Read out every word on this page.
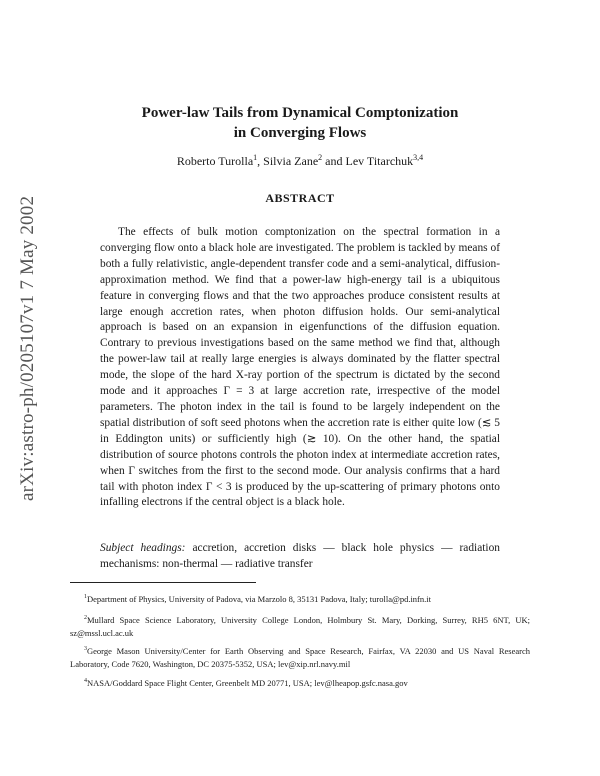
arXiv:astro-ph/0205107v1 7 May 2002
Power-law Tails from Dynamical Comptonization
in Converging Flows
Roberto Turolla$^1$, Silvia Zane$^2$ and Lev Titarchuk$^{3,4}$
ABSTRACT

The effects of bulk motion comptonization on the spectral formation in a converging flow onto a black hole are investigated. The problem is tackled by means of both a fully relativistic, angle-dependent transfer code and a semi-analytical, diffusion-approximation method. We find that a power-law high-energy tail is a ubiquitous feature in converging flows and that the two approaches produce consistent results at large enough accretion rates, when photon diffusion holds. Our semi-analytical approach is based on an expansion in eigenfunctions of the diffusion equation. Contrary to previous investigations based on the same method we find that, although the power-law tail at really large energies is always dominated by the flatter spectral mode, the slope of the hard X-ray portion of the spectrum is dictated by the second mode and it approaches Γ = 3 at large accretion rate, irrespective of the model parameters. The photon index in the tail is found to be largely independent on the spatial distribution of soft seed photons when the accretion rate is either quite low (≲ 5 in Eddington units) or sufficiently high (≳ 10). On the other hand, the spatial distribution of source photons controls the photon index at intermediate accretion rates, when Γ switches from the first to the second mode. Our analysis confirms that a hard tail with photon index Γ < 3 is produced by the up-scattering of primary photons onto infalling electrons if the central object is a black hole.

Subject headings: accretion, accretion disks — black hole physics — radiation mechanisms: non-thermal — radiative transfer

$^1$Department of Physics, University of Padova, via Marzolo 8, 35131 Padova, Italy; turolla@pd.infn.it

$^2$Mullard Space Science Laboratory, University College London, Holmbury St. Mary, Dorking, Surrey, RH5 6NT, UK; sz@mssl.ucl.ac.uk

$^3$George Mason University/Center for Earth Observing and Space Research, Fairfax, VA 22030 and US Naval Research Laboratory, Code 7620, Washington, DC 20375-5352, USA; lev@xip.nrl.navy.mil

$^4$NASA/Goddard Space Flight Center, Greenbelt MD 20771, USA; lev@lheapop.gsfc.nasa.gov
